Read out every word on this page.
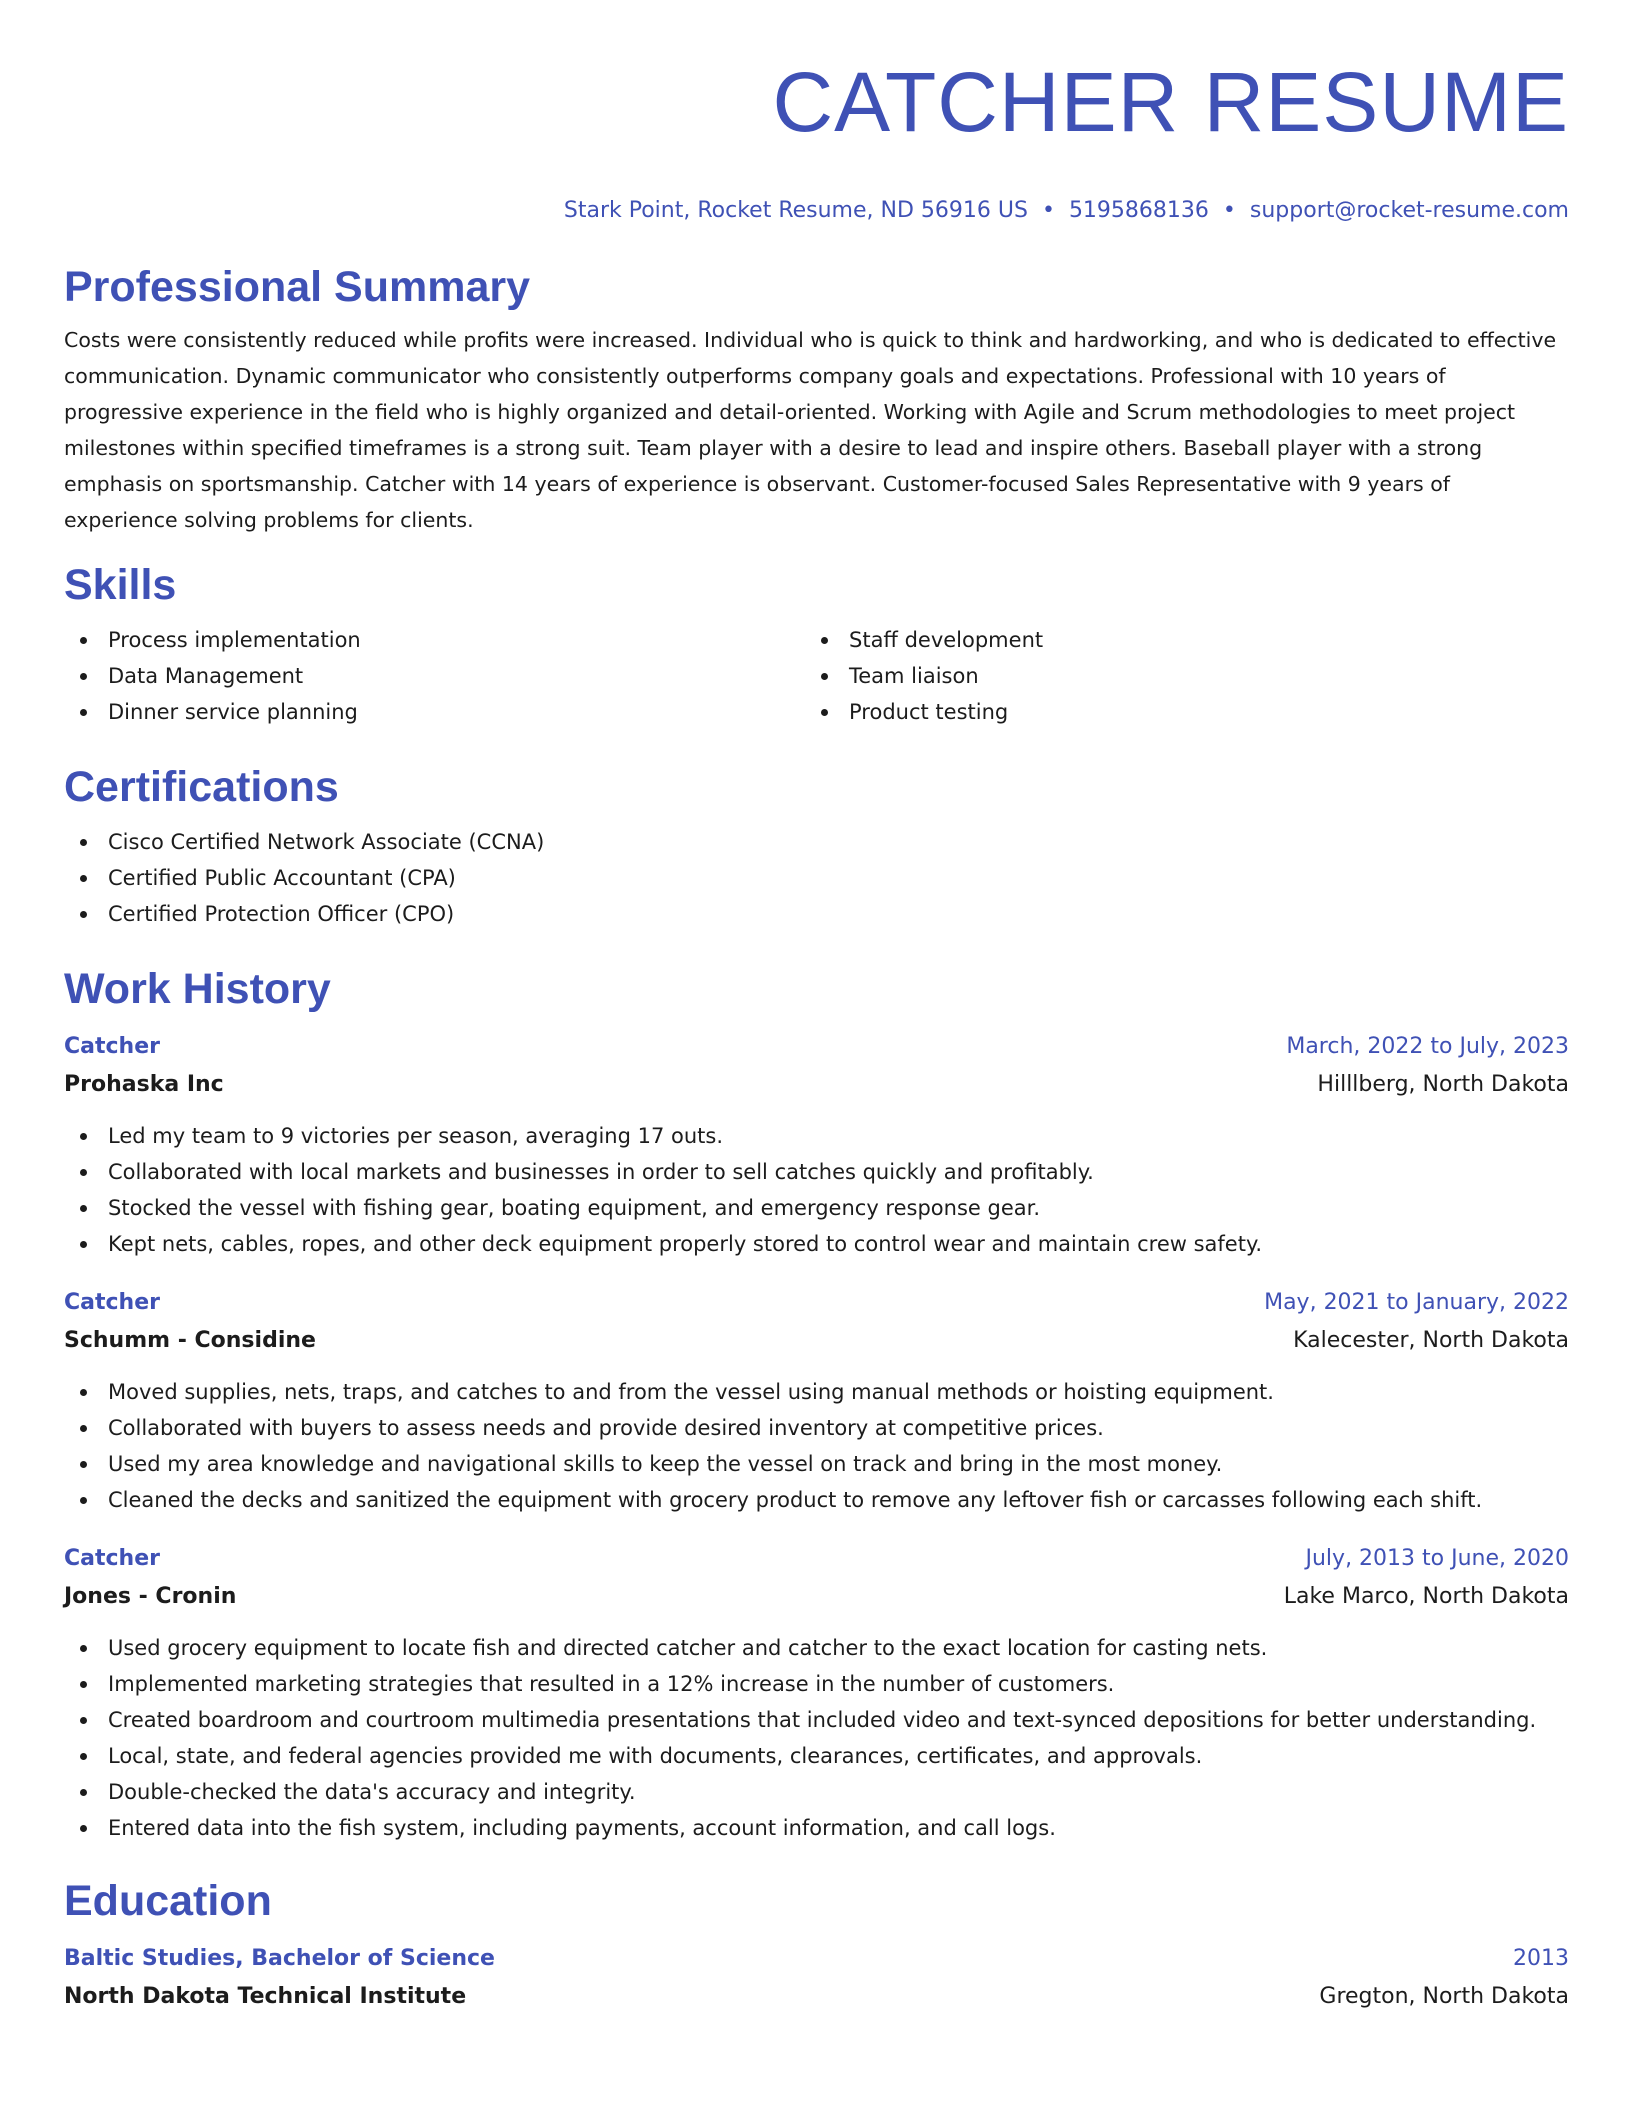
CATCHER RESUME
Stark Point, Rocket Resume, ND 56916 US • 5195868136 • support@rocket-resume.com
Professional Summary

Costs were consistently reduced while profits were increased. Individual who is quick to think and hardworking, and who is dedicated to effective communication. Dynamic communicator who consistently outperforms company goals and expectations. Professional with 10 years of progressive experience in the field who is highly organized and detail-oriented. Working with Agile and Scrum methodologies to meet project milestones within specified timeframes is a strong suit. Team player with a desire to lead and inspire others. Baseball player with a strong emphasis on sportsmanship. Catcher with 14 years of experience is observant. Customer-focused Sales Representative with 9 years of experience solving problems for clients.

Skills
Process implementation
Data Management
Dinner service planning
Staff development
Team liaison
Product testing
Certifications
Cisco Certified Network Associate (CCNA)
Certified Public Accountant (CPA)
Certified Protection Officer (CPO)
Work History
Catcher	March, 2022 to July, 2023
Prohaska Inc	Hilllberg, North Dakota
Led my team to 9 victories per season, averaging 17 outs.
Collaborated with local markets and businesses in order to sell catches quickly and profitably.
Stocked the vessel with fishing gear, boating equipment, and emergency response gear.
Kept nets, cables, ropes, and other deck equipment properly stored to control wear and maintain crew safety.
Catcher	May, 2021 to January, 2022
Schumm - Considine	Kalecester, North Dakota
Moved supplies, nets, traps, and catches to and from the vessel using manual methods or hoisting equipment.
Collaborated with buyers to assess needs and provide desired inventory at competitive prices.
Used my area knowledge and navigational skills to keep the vessel on track and bring in the most money.
Cleaned the decks and sanitized the equipment with grocery product to remove any leftover fish or carcasses following each shift.
Catcher	July, 2013 to June, 2020
Jones - Cronin	Lake Marco, North Dakota
Used grocery equipment to locate fish and directed catcher and catcher to the exact location for casting nets.
Implemented marketing strategies that resulted in a 12% increase in the number of customers.
Created boardroom and courtroom multimedia presentations that included video and text-synced depositions for better understanding.
Local, state, and federal agencies provided me with documents, clearances, certificates, and approvals.
Double-checked the data's accuracy and integrity.
Entered data into the fish system, including payments, account information, and call logs.
Education
Baltic Studies, Bachelor of Science	2013
North Dakota Technical Institute	Gregton, North Dakota
